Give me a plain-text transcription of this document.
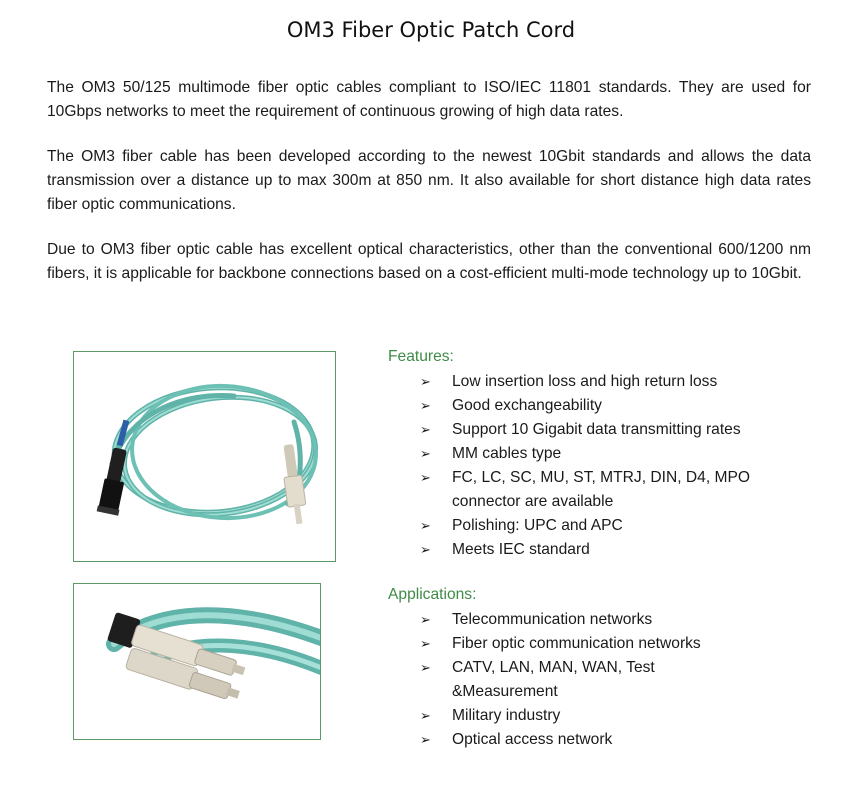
OM3 Fiber Optic Patch Cord

The OM3 50/125 multimode fiber optic cables compliant to ISO/IEC 11801 standards. They are used for 10Gbps networks to meet the requirement of continuous growing of high data rates.

The OM3 fiber cable has been developed according to the newest 10Gbit standards and allows the data transmission over a distance up to max 300m at 850 nm. It also available for short distance high data rates fiber optic communications.

Due to OM3 fiber optic cable has excellent optical characteristics, other than the conventional 600/1200 nm fibers, it is applicable for backbone connections based on a cost-efficient multi-mode technology up to 10Gbit.

Features:
➢ Low insertion loss and high return loss
➢ Good exchangeability
➢ Support 10 Gigabit data transmitting rates
➢ MM cables type
➢ FC, LC, SC, MU, ST, MTRJ, DIN, D4, MPO connector are available
➢ Polishing: UPC and APC
➢ Meets IEC standard
Applications:
➢ Telecommunication networks
➢ Fiber optic communication networks
➢ CATV, LAN, MAN, WAN, Test &Measurement
➢ Military industry
➢ Optical access network
